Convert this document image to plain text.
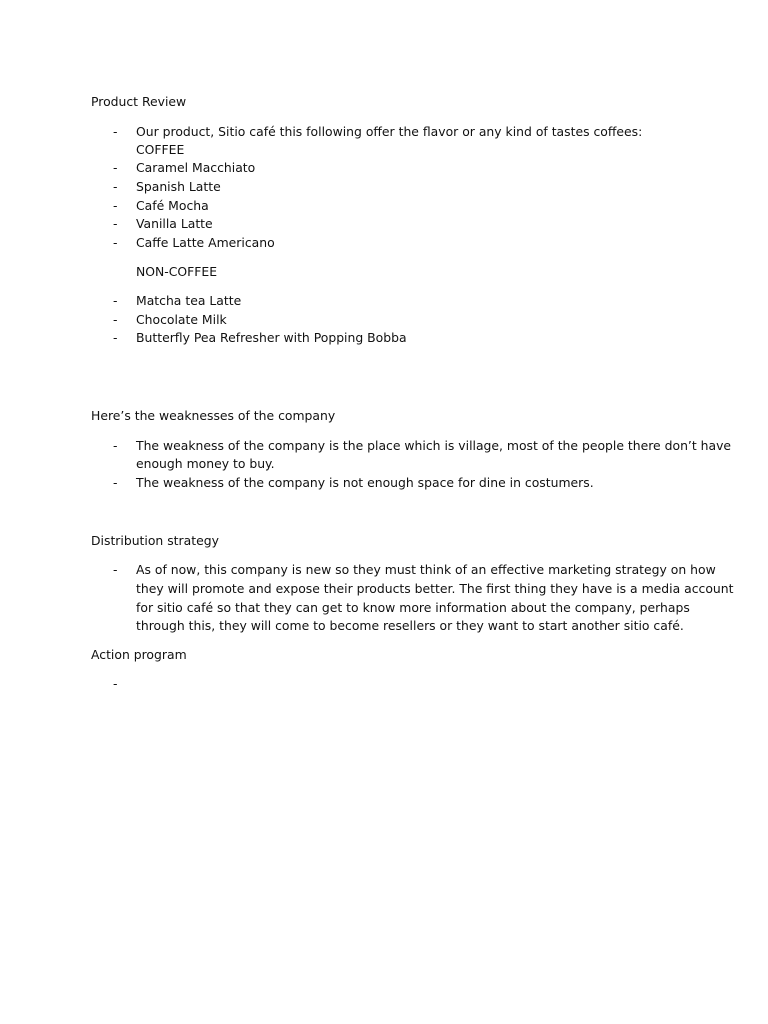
Product Review
- Our product, Sitio café this following offer the flavor or any kind of tastes coffees:
COFFEE
- Caramel Macchiato
- Spanish Latte
- Café Mocha
- Vanilla Latte
- Caffe Latte Americano
NON-COFFEE
- Matcha tea Latte
- Chocolate Milk
- Butterfly Pea Refresher with Popping Bobba
Here’s the weaknesses of the company
- The weakness of the company is the place which is village, most of the people there don’t have
enough money to buy.
- The weakness of the company is not enough space for dine in costumers.
Distribution strategy
- As of now, this company is new so they must think of an effective marketing strategy on how
they will promote and expose their products better. The first thing they have is a media account
for sitio café so that they can get to know more information about the company, perhaps
through this, they will come to become resellers or they want to start another sitio café.
Action program
-
